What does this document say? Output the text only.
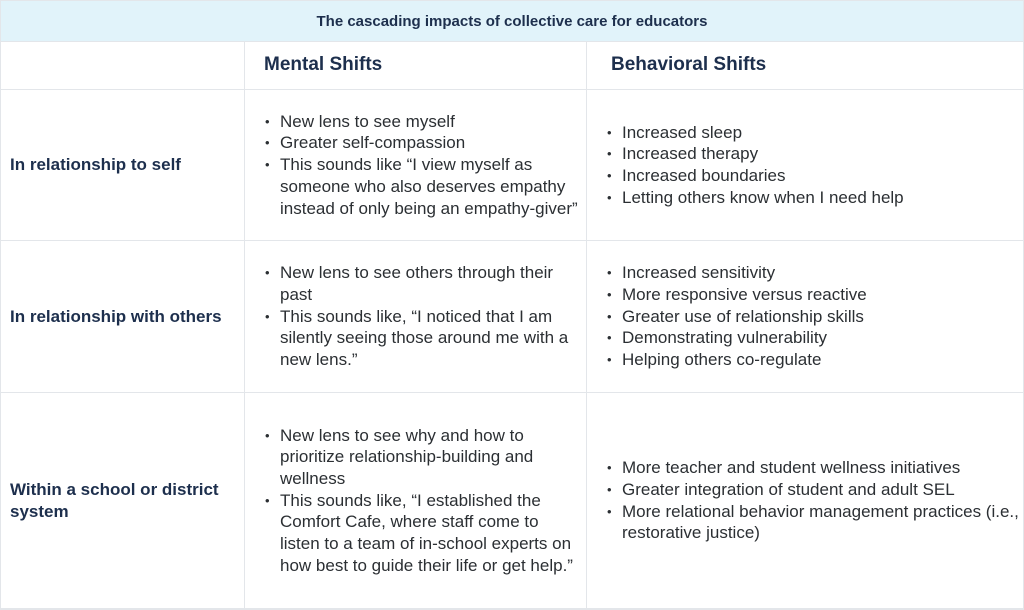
The cascading impacts of collective care for educators
Mental Shifts	Behavioral Shifts
In relationship to self
• New lens to see myself
• Greater self-compassion
• This sounds like “I view myself as someone who also deserves empathy instead of only being an empathy-giver”
• Increased sleep
• Increased therapy
• Increased boundaries
• Letting others know when I need help
In relationship with others
• New lens to see others through their past
• This sounds like, “I noticed that I am silently seeing those around me with a new lens.”
• Increased sensitivity
• More responsive versus reactive
• Greater use of relationship skills
• Demonstrating vulnerability
• Helping others co-regulate
Within a school or district system
• New lens to see why and how to prioritize relationship-building and wellness
• This sounds like, “I established the Comfort Cafe, where staff come to listen to a team of in-school experts on how best to guide their life or get help.”
• More teacher and student wellness initiatives
• Greater integration of student and adult SEL
• More relational behavior management practices (i.e., restorative justice)
